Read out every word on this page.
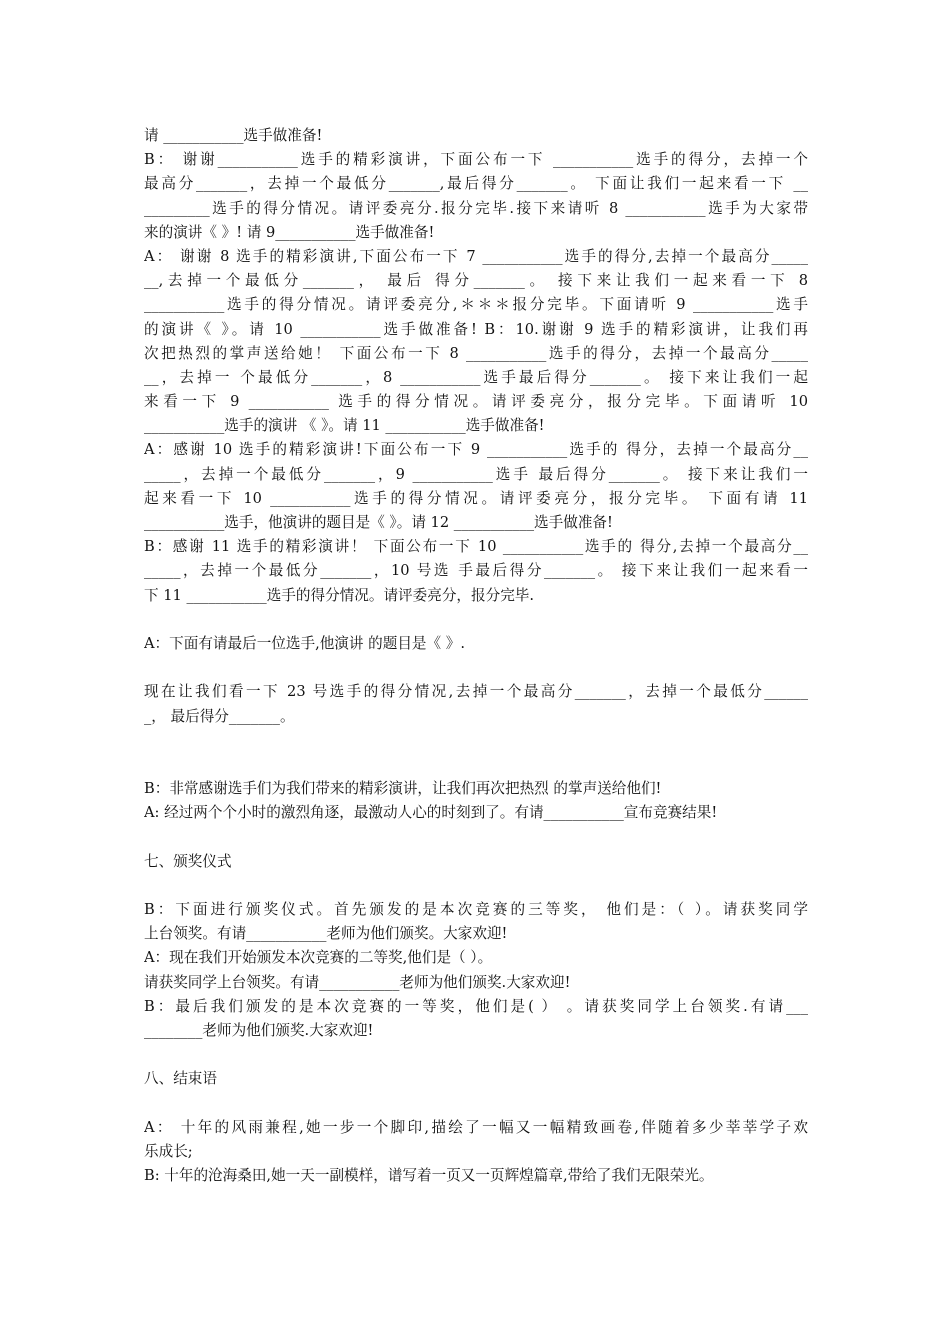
请 ___________选手做准备!
B： 谢谢___________选手的精彩演讲，下面公布一下 ___________选手的得分，去掉一个
最高分_______，去掉一个最低分_______,最后得分_______。 下面让我们一起来看一下 __
_________选手的得分情况。请评委亮分.报分完毕.接下来请听 8 ___________选手为大家带
来的演讲《 》! 请 9___________选手做准备!
A： 谢谢 8 选手的精彩演讲,下面公布一下 7 ___________选手的得分,去掉一个最高分_____
__,去掉一个最低分_______， 最后 得分_______。 接下来让我们一起来看一下 8
___________选手的得分情况。请评委亮分,＊＊＊报分完毕。下面请听 9 ___________选手
的演讲《 》。请 10 ___________选手做准备! B：10.谢谢 9 选手的精彩演讲，让我们再
次把热烈的掌声送给她！ 下面公布一下 8 ___________选手的得分，去掉一个最高分_____
__，去掉一 个最低分_______，8 ___________选手最后得分_______。 接下来让我们一起
来看一下 9 ___________ 选手的得分情况。请评委亮分，报分完毕。下面请听 10
___________选手的演讲 《 》。请 11 ___________选手做准备!
A：感谢 10 选手的精彩演讲!下面公布一下 9 ___________选手的 得分，去掉一个最高分__
_____，去掉一个最低分_______，9 ___________选手 最后得分_______。 接下来让我们一
起来看一下 10 ___________选手的得分情况。请评委亮分，报分完毕。 下面有请 11
___________选手，他演讲的题目是《 》。请 12 ___________选手做准备!
B：感谢 11 选手的精彩演讲！ 下面公布一下 10 ___________选手的 得分,去掉一个最高分__
_____，去掉一个最低分_______，10 号选 手最后得分_______。 接下来让我们一起来看一
下 11 ___________选手的得分情况。请评委亮分，报分完毕.
A：下面有请最后一位选手,他演讲 的题目是《 》.
现在让我们看一下 23 号选手的得分情况,去掉一个最高分_______，去掉一个最低分______
_， 最后得分_______。
B：非常感谢选手们为我们带来的精彩演讲，让我们再次把热烈 的掌声送给他们!
A: 经过两个个小时的激烈角逐，最激动人心的时刻到了。有请___________宣布竞赛结果!
七、颁奖仪式
B：下面进行颁奖仪式。首先颁发的是本次竞赛的三等奖， 他们是：（ ）。请获奖同学
上台领奖。有请___________老师为他们颁奖。大家欢迎!
A：现在我们开始颁发本次竞赛的二等奖,他们是（ ）。
请获奖同学上台领奖。有请___________老师为他们颁奖.大家欢迎!
B：最后我们颁发的是本次竞赛的一等奖，他们是( ） 。请获奖同学上台领奖.有请___
________老师为他们颁奖.大家欢迎!
八、结束语
A： 十年的风雨兼程,她一步一个脚印,描绘了一幅又一幅精致画卷,伴随着多少莘莘学子欢
乐成长;
B: 十年的沧海桑田,她一天一副模样，谱写着一页又一页辉煌篇章,带给了我们无限荣光。
